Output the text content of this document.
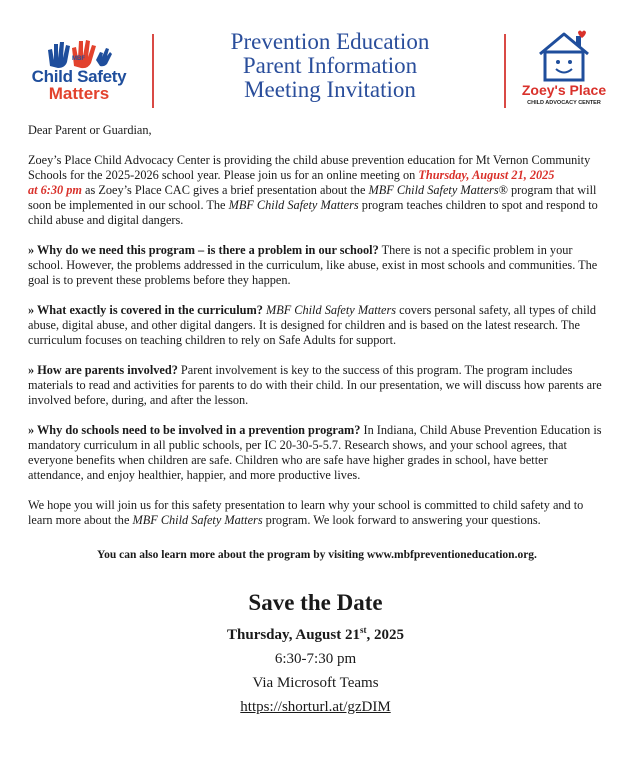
MBF
Child Safety
Matters
Prevention Education
Parent Information
Meeting Invitation	Zoey's Place
CHILD ADVOCACY CENTER

Dear Parent or Guardian,

Zoey’s Place Child Advocacy Center is providing the child abuse prevention education for Mt Vernon Community Schools for the 2025-2026 school year. Please join us for an online meeting on Thursday, August 21, 2025
at 6:30 pm as Zoey’s Place CAC gives a brief presentation about the MBF Child Safety Matters® program that will soon be implemented in our school. The MBF Child Safety Matters program teaches children to spot and respond to child abuse and digital dangers.

» Why do we need this program – is there a problem in our school? There is not a specific problem in your school. However, the problems addressed in the curriculum, like abuse, exist in most schools and communities. The goal is to prevent these problems before they happen.

» What exactly is covered in the curriculum? MBF Child Safety Matters covers personal safety, all types of child abuse, digital abuse, and other digital dangers. It is designed for children and is based on the latest research. The curriculum focuses on teaching children to rely on Safe Adults for support.

» How are parents involved? Parent involvement is key to the success of this program. The program includes materials to read and activities for parents to do with their child. In our presentation, we will discuss how parents are involved before, during, and after the lesson.

» Why do schools need to be involved in a prevention program? In Indiana, Child Abuse Prevention Education is mandatory curriculum in all public schools, per IC 20-30-5-5.7. Research shows, and your school agrees, that everyone benefits when children are safe. Children who are safe have higher grades in school, have better attendance, and enjoy healthier, happier, and more productive lives.

We hope you will join us for this safety presentation to learn why your school is committed to child safety and to learn more about the MBF Child Safety Matters program. We look forward to answering your questions.

You can also learn more about the program by visiting www.mbfpreventioneducation.org.

Save the Date
Thursday, August 21st, 2025
6:30-7:30 pm
Via Microsoft Teams
https://shorturl.at/gzDIM
